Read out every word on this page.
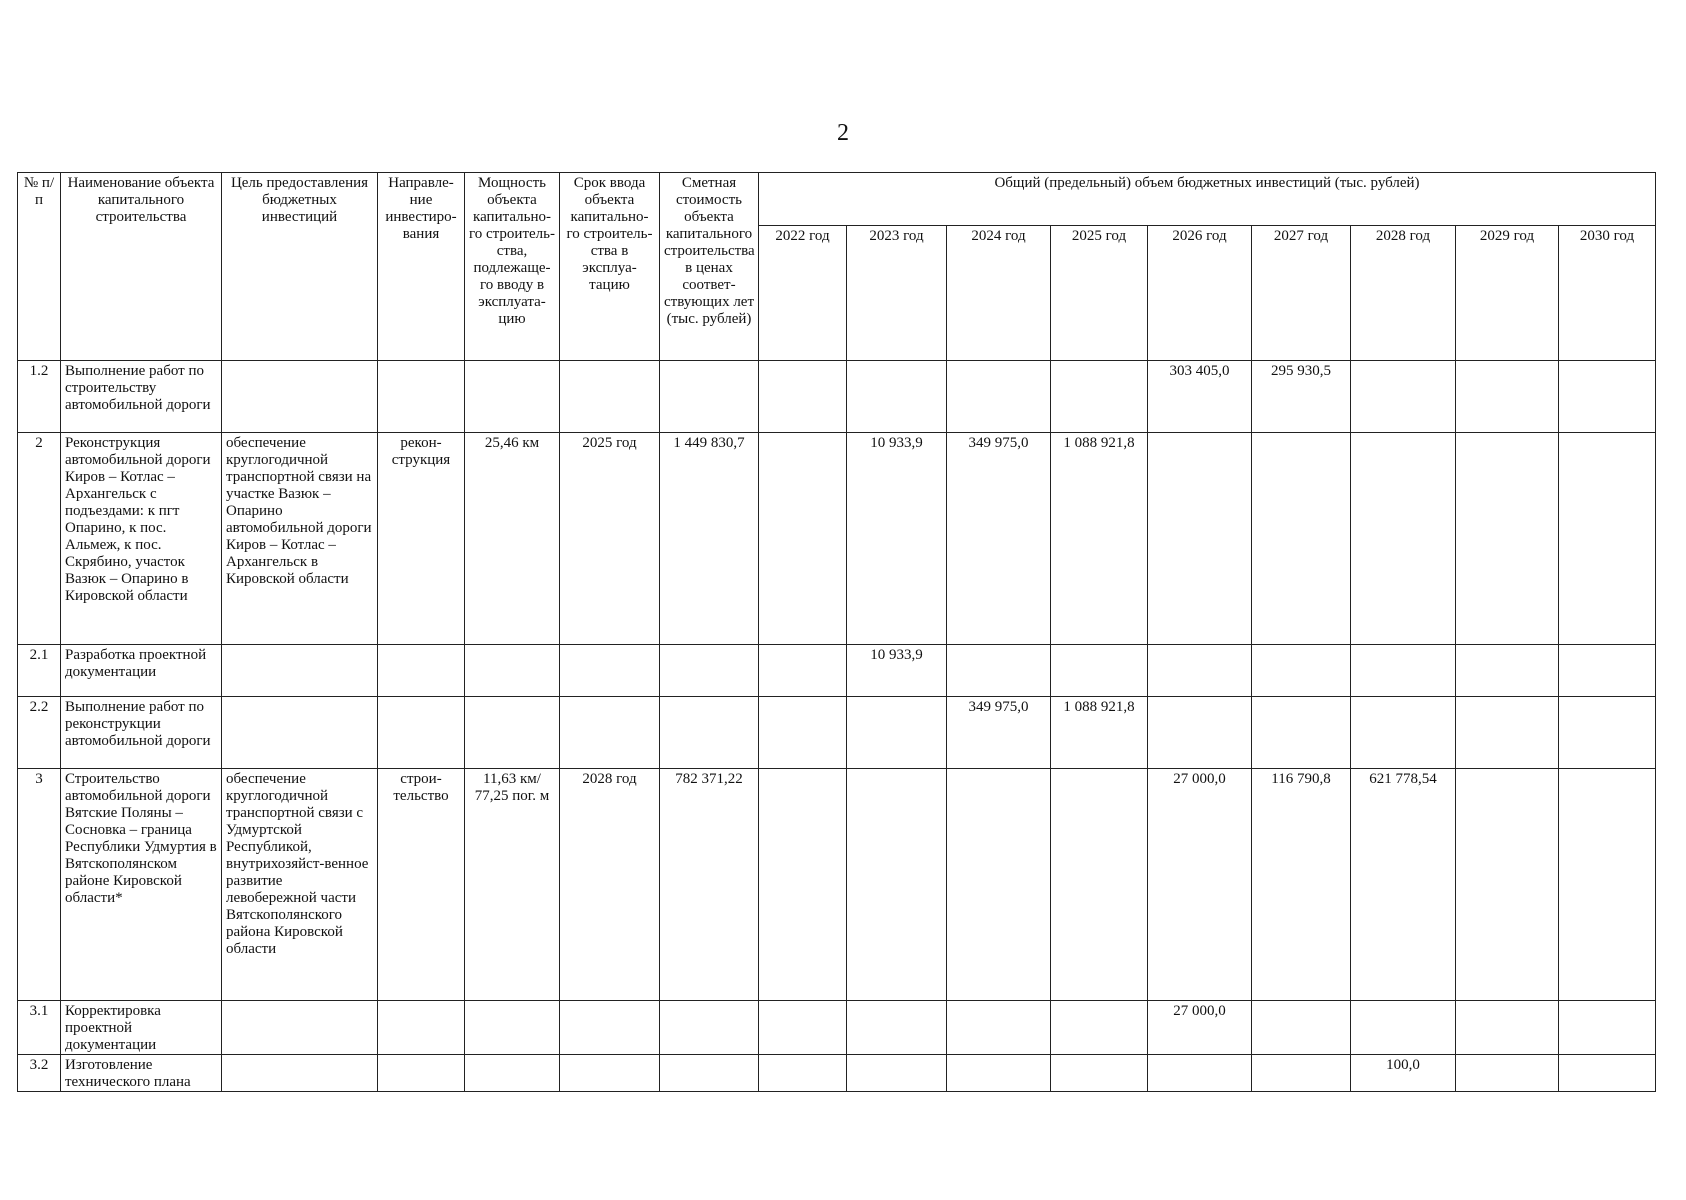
2
№ п/п	Наименование объекта капитального строительства	Цель предоставления бюджетных инвестиций	Направле-ние инвестиро-вания	Мощность объекта капитально-го строитель-ства, подлежаще-го вводу в эксплуата-цию	Срок ввода объекта капитально-го строитель-ства в эксплуа-тацию	Сметная стоимость объекта капитального строительства в ценах соответ-ствующих лет (тыс. рублей)	Общий (предельный) объем бюджетных инвестиций (тыс. рублей)								
							2022 год	2023 год	2024 год	2025 год	2026 год	2027 год	2028 год	2029 год	2030 год
1.2	Выполнение работ по строительству автомобильной дороги										303 405,0	295 930,5			
2	Реконструкция автомобильной дороги Киров – Котлас – Архангельск с подъездами: к пгт Опарино, к пос. Альмеж, к пос. Скрябино, участок Вазюк – Опарино в Кировской области	обеспечение круглогодичной транспортной связи на участке Вазюк – Опарино автомобильной дороги Киров – Котлас – Архангельск в Кировской области	рекон-струкция	25,46 км	2025 год	1 449 830,7		10 933,9	349 975,0	1 088 921,8					
2.1	Разработка проектной документации							10 933,9							
2.2	Выполнение работ по реконструкции автомобильной дороги								349 975,0	1 088 921,8					
3	Строительство автомобильной дороги Вятские Поляны – Сосновка – граница Республики Удмуртия в Вятскополянском районе Кировской области*	обеспечение круглогодичной транспортной связи с Удмуртской Республикой, внутрихозяйст-венное развитие левобережной части Вятскополянского района Кировской области	строи-тельство	11,63 км/ 77,25 пог. м	2028 год	782 371,22					27 000,0	116 790,8	621 778,54		
3.1	Корректировка проектной документации										27 000,0				
3.2	Изготовление технического плана												100,0		
